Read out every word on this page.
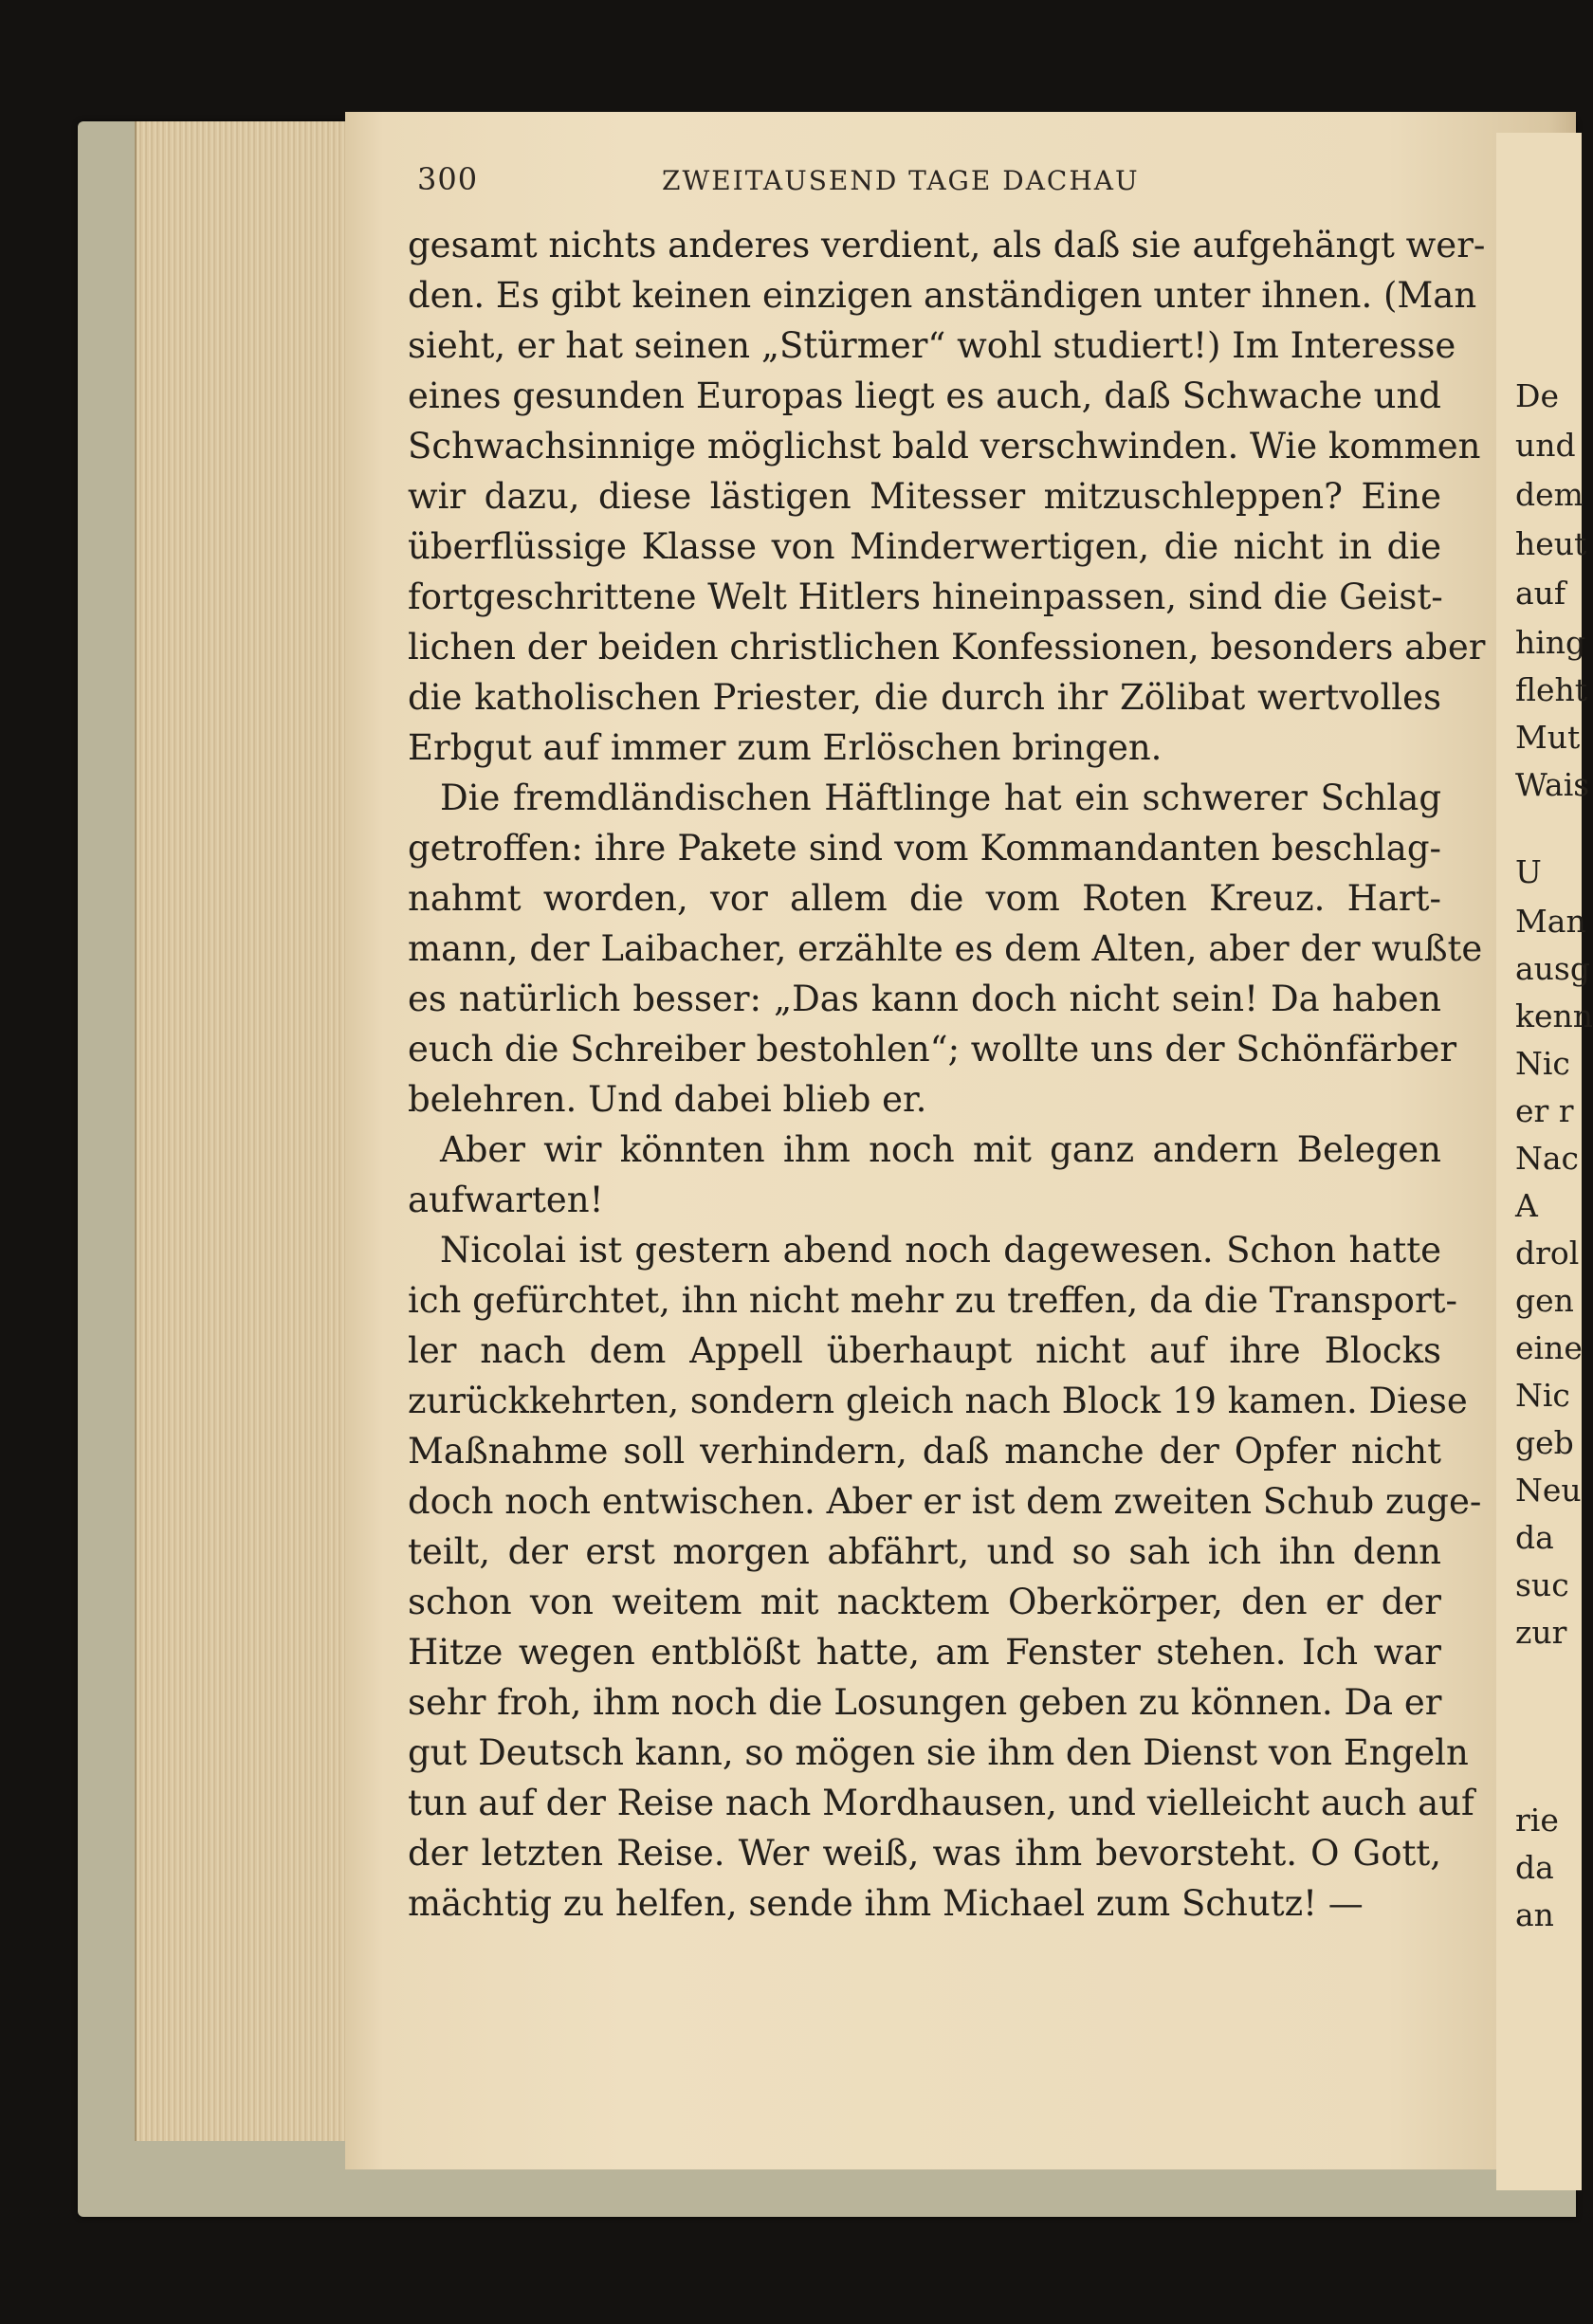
300	ZWEITAUSEND TAGE DACHAU
gesamt nichts anderes verdient, als daß sie aufgehängt wer-
den. Es gibt keinen einzigen anständigen unter ihnen. (Man
sieht, er hat seinen „Stürmer“ wohl studiert!) Im Interesse
eines gesunden Europas liegt es auch, daß Schwache und
Schwachsinnige möglichst bald verschwinden. Wie kommen
wir dazu, diese lästigen Mitesser mitzuschleppen? Eine
überflüssige Klasse von Minderwertigen, die nicht in die
fortgeschrittene Welt Hitlers hineinpassen, sind die Geist-
lichen der beiden christlichen Konfessionen, besonders aber
die katholischen Priester, die durch ihr Zölibat wertvolles
Erbgut auf immer zum Erlöschen bringen.
Die fremdländischen Häftlinge hat ein schwerer Schlag
getroffen: ihre Pakete sind vom Kommandanten beschlag-
nahmt worden, vor allem die vom Roten Kreuz. Hart-
mann, der Laibacher, erzählte es dem Alten, aber der wußte
es natürlich besser: „Das kann doch nicht sein! Da haben
euch die Schreiber bestohlen“; wollte uns der Schönfärber
belehren. Und dabei blieb er.
Aber wir könnten ihm noch mit ganz andern Belegen
aufwarten!
Nicolai ist gestern abend noch dagewesen. Schon hatte
ich gefürchtet, ihn nicht mehr zu treffen, da die Transport-
ler nach dem Appell überhaupt nicht auf ihre Blocks
zurückkehrten, sondern gleich nach Block 19 kamen. Diese
Maßnahme soll verhindern, daß manche der Opfer nicht
doch noch entwischen. Aber er ist dem zweiten Schub zuge-
teilt, der erst morgen abfährt, und so sah ich ihn denn
schon von weitem mit nacktem Oberkörper, den er der
Hitze wegen entblößt hatte, am Fenster stehen. Ich war
sehr froh, ihm noch die Losungen geben zu können. Da er
gut Deutsch kann, so mögen sie ihm den Dienst von Engeln
tun auf der Reise nach Mordhausen, und vielleicht auch auf
der letzten Reise. Wer weiß, was ihm bevorsteht. O Gott,
mächtig zu helfen, sende ihm Michael zum Schutz! —
De
und
dem
heut
auf
hing
fleht
Mut
Wais
U
Man
ausg
kenn
Nic
er r
Nac
A
drol
gen
eine
Nic
geb
Neu
da
suc
zur
rie
da
an
